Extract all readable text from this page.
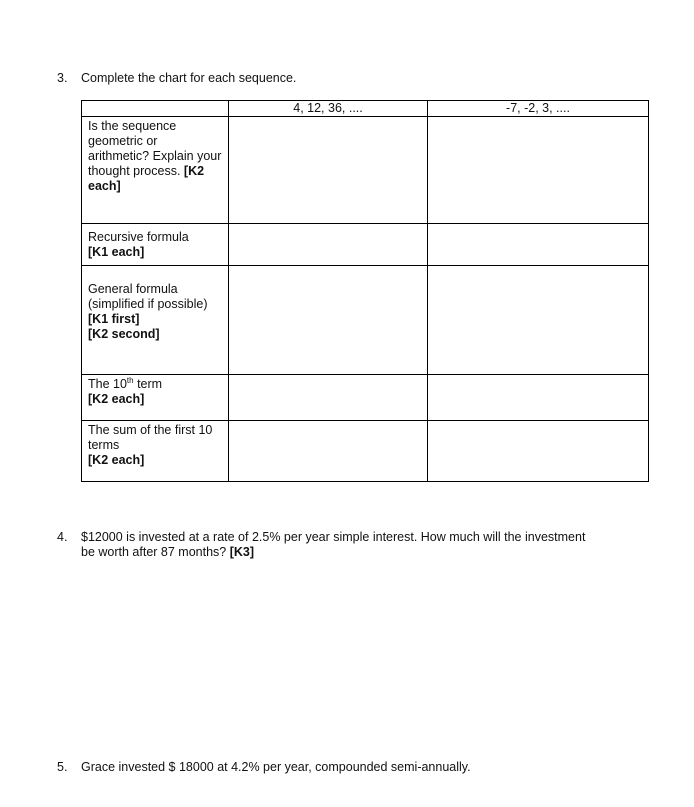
3. Complete the chart for each sequence.
	4, 12, 36, ....	-7, -2, 3, ....
Is the sequence geometric or arithmetic? Explain your thought process. [K2 each]		
Recursive formula
[K1 each]		

General formula (simplified if possible)
[K1 first]
[K2 second]		

The 10th term
[K2 each]		

The sum of the first 10 terms
[K2 each]		

4. $12000 is invested at a rate of 2.5% per year simple interest. How much will the investment
be worth after 87 months? [K3]
5. Grace invested $ 18000 at 4.2% per year, compounded semi-annually.
